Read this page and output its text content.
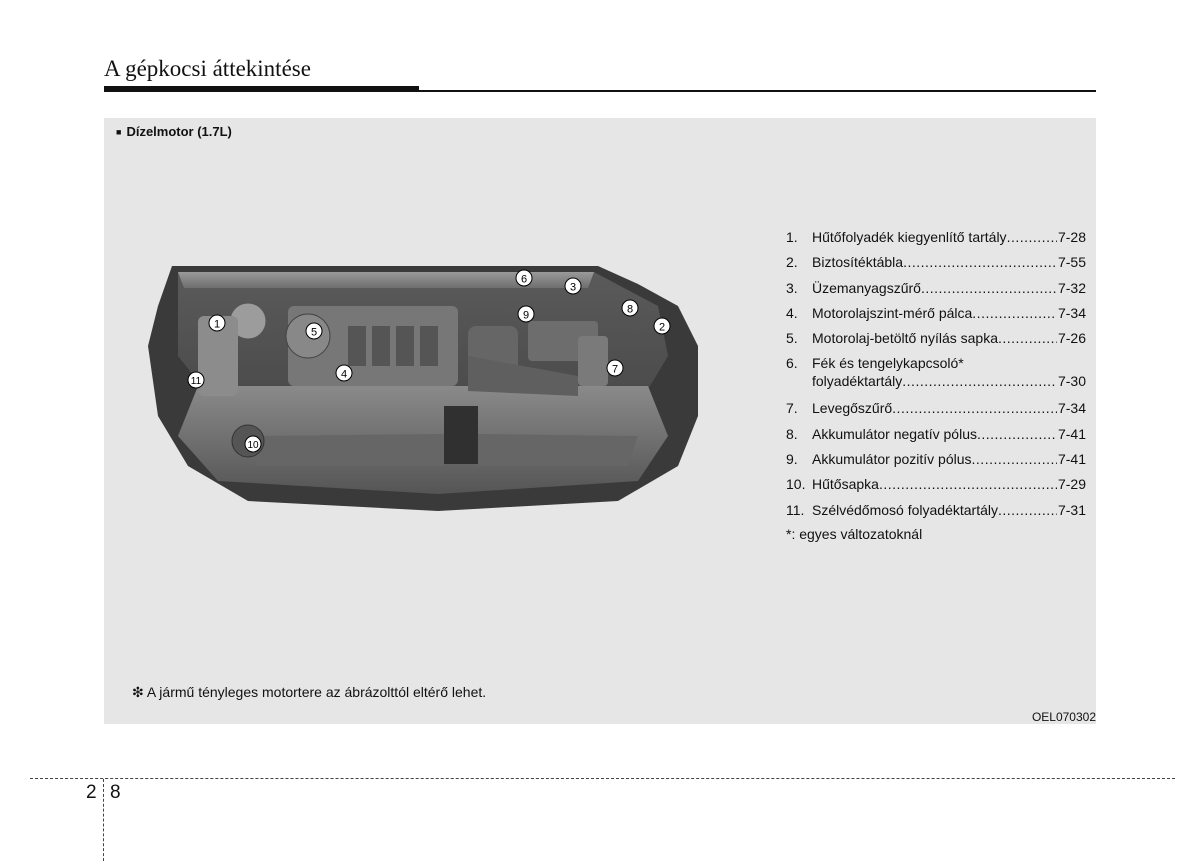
A gépkocsi áttekintése
■ Dízelmotor (1.7L)
1	2
3
4
5
6
7
8
9
10
11
1.	Hűtőfolyadék kiegyenlítő tartály .....	7-28
2.	Biztosítéktábla .....	7-55
3.	Üzemanyagszűrő .....	7-32
4.	Motorolajszint-mérő pálca .....	7-34
5.	Motorolaj-betöltő nyílás sapka .....	7-26
6.	Fék és tengelykapcsoló*
folyadéktartály .....	7-30
7.	Levegőszűrő .....	7-34
8.	Akkumulátor negatív pólus .....	7-41
9.	Akkumulátor pozitív pólus .....	7-41
10. Hűtősapka .....	7-29
11. Szélvédőmosó folyadéktartály .....	7-31
*: egyes változatoknál
❇ A jármű tényleges motortere az ábrázolttól eltérő lehet.
OEL070302
2 8
